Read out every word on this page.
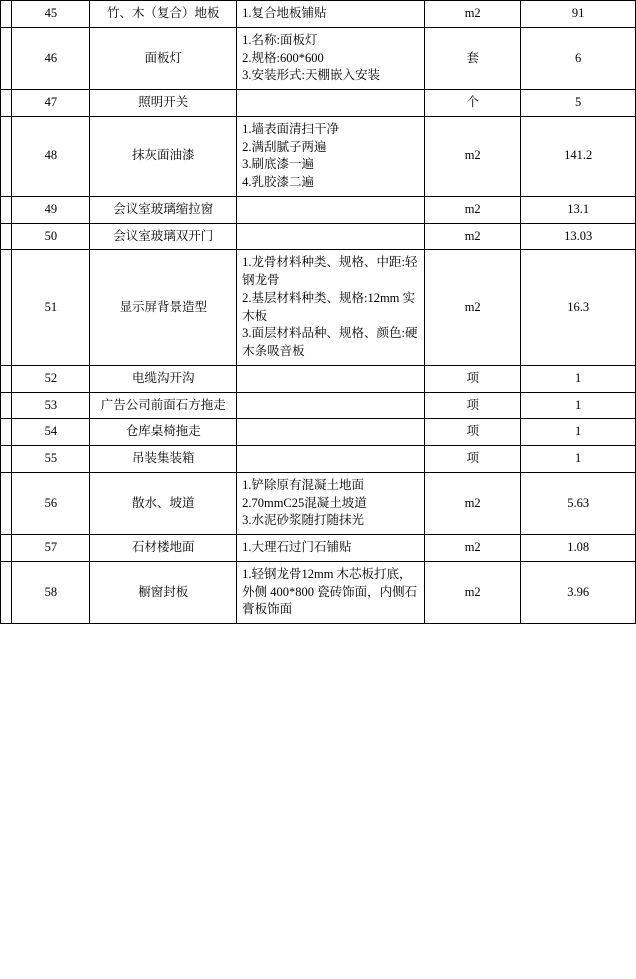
	45	竹、木（复合）地板	1.复合地板铺贴	m2	91
	46	面板灯	1.名称:面板灯
2.规格:600*600
3.安装形式:天棚嵌入安装	套	6
	47	照明开关		个	5
	48	抹灰面油漆	1.墙表面清扫干净
2.满刮腻子两遍
3.刷底漆一遍
4.乳胶漆二遍	m2	141.2
	49	会议室玻璃缩拉窗		m2	13.1
	50	会议室玻璃双开门		m2	13.03
	51	显示屏背景造型	1.龙骨材料种类、规格、中距:轻钢龙骨
2.基层材料种类、规格:12mm 实木板
3.面层材料品种、规格、颜色:硬木条吸音板	m2	16.3
	52	电缆沟开沟		项	1
	53	广告公司前面石方拖走		项	1
	54	仓库桌椅拖走		项	1
	55	吊装集装箱		项	1
	56	散水、坡道	1.铲除原有混凝土地面
2.70mmC25混凝土坡道
3.水泥砂浆随打随抹光	m2	5.63
	57	石材楼地面	1.大理石过门石铺贴	m2	1.08
	58	橱窗封板	1.轻钢龙骨12mm 木芯板打底，外侧 400*800 瓷砖饰面，内侧石膏板饰面	m2	3.96
